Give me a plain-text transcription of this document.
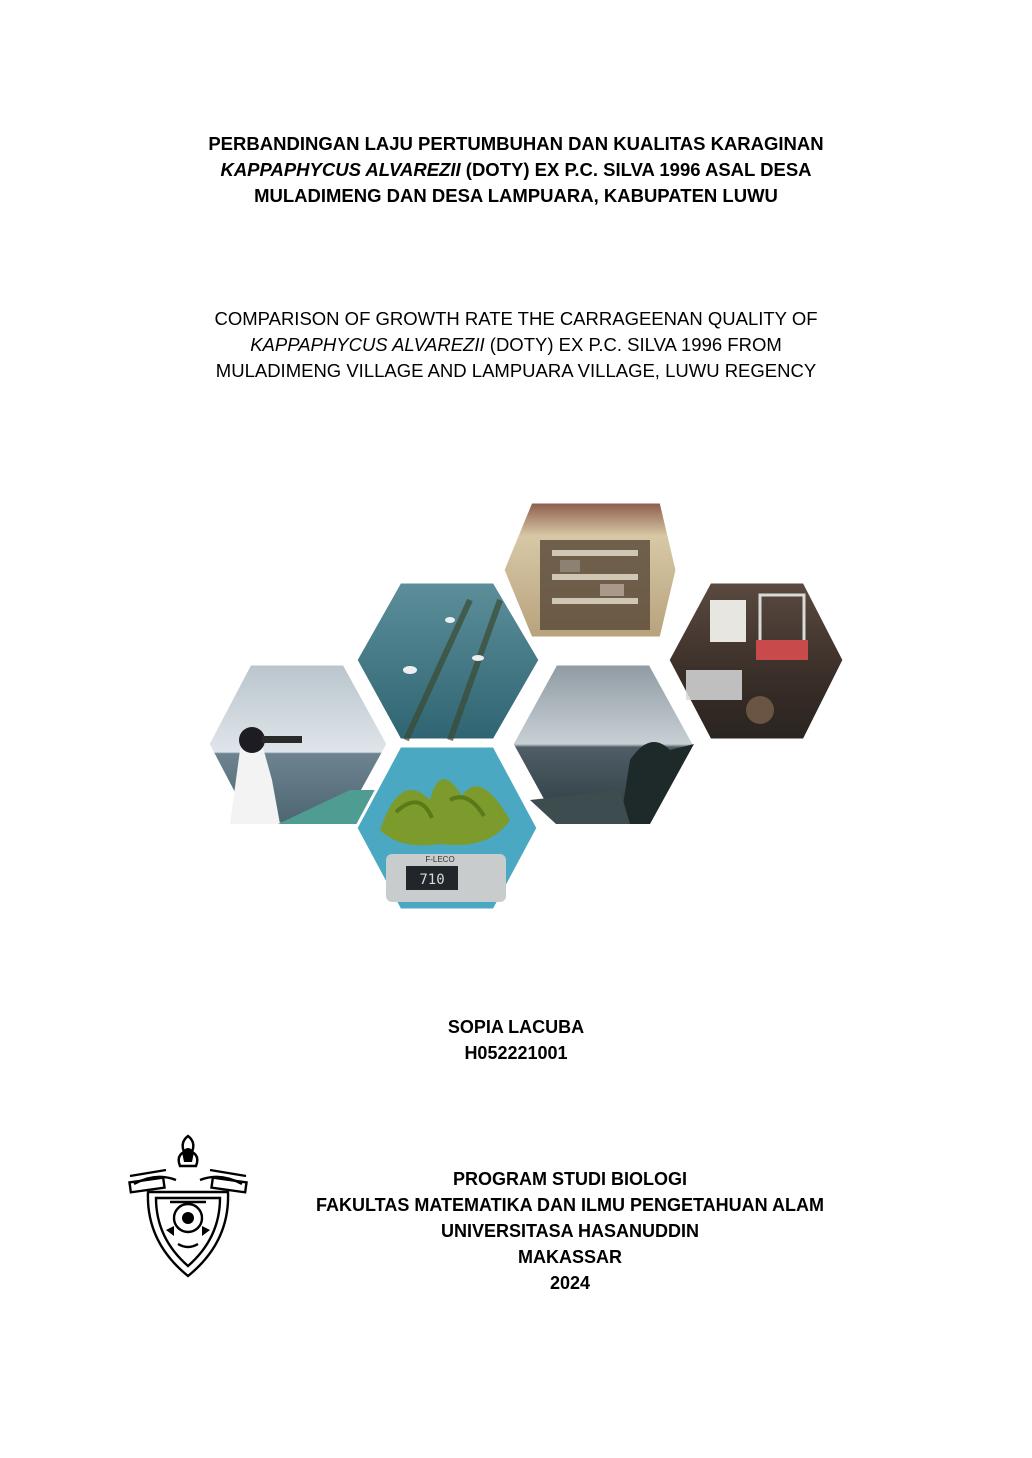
PERBANDINGAN LAJU PERTUMBUHAN DAN KUALITAS KARAGINAN
KAPPAPHYCUS ALVAREZII (DOTY) EX P.C. SILVA 1996 ASAL DESA
MULADIMENG DAN DESA LAMPUARA, KABUPATEN LUWU
COMPARISON OF GROWTH RATE THE CARRAGEENAN QUALITY OF
KAPPAPHYCUS ALVAREZII (DOTY) EX P.C. SILVA 1996 FROM
MULADIMENG VILLAGE AND LAMPUARA VILLAGE, LUWU REGENCY
710
F-LECO
SOPIA LACUBA
H052221001
PROGRAM STUDI BIOLOGI
FAKULTAS MATEMATIKA DAN ILMU PENGETAHUAN ALAM
UNIVERSITASA HASANUDDIN
MAKASSAR
2024
